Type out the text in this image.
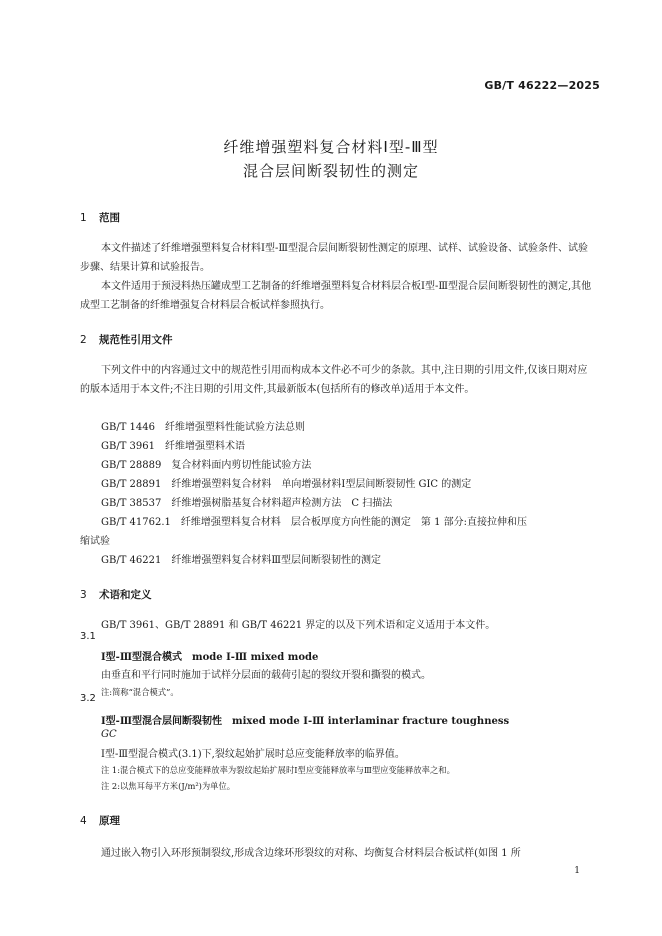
GB/T 46222—2025
纤维增强塑料复合材料Ⅰ型-Ⅲ型
混合层间断裂韧性的测定
1 范围

本文件描述了纤维增强塑料复合材料Ⅰ型-Ⅲ型混合层间断裂韧性测定的原理、试样、试验设备、试验条件、试验步骤、结果计算和试验报告。

本文件适用于预浸料热压罐成型工艺制备的纤维增强塑料复合材料层合板Ⅰ型-Ⅲ型混合层间断裂韧性的测定,其他成型工艺制备的纤维增强复合材料层合板试样参照执行。

2 规范性引用文件

下列文件中的内容通过文中的规范性引用而构成本文件必不可少的条款。其中,注日期的引用文件,仅该日期对应的版本适用于本文件;不注日期的引用文件,其最新版本(包括所有的修改单)适用于本文件。

GB/T 1446　纤维增强塑料性能试验方法总则
GB/T 3961　纤维增强塑料术语
GB/T 28889　复合材料面内剪切性能试验方法
GB/T 28891　纤维增强塑料复合材料　单向增强材料Ⅰ型层间断裂韧性 GⅠC 的测定
GB/T 38537　纤维增强树脂基复合材料超声检测方法　C 扫描法
GB/T 41762.1　纤维增强塑料复合材料　层合板厚度方向性能的测定　第 1 部分:直接拉伸和压
缩试验
GB/T 46221　纤维增强塑料复合材料Ⅲ型层间断裂韧性的测定
3 术语和定义
GB/T 3961、GB/T 28891 和 GB/T 46221 界定的以及下列术语和定义适用于本文件。
3.1
Ⅰ型-Ⅲ型混合模式　mode Ⅰ-Ⅲ mixed mode
由垂直和平行同时施加于试样分层面的载荷引起的裂纹开裂和撕裂的模式。
注:简称“混合模式”。
3.2
Ⅰ型-Ⅲ型混合层间断裂韧性　mixed mode Ⅰ-Ⅲ interlaminar fracture toughness
GC
Ⅰ型-Ⅲ型混合模式(3.1)下,裂纹起始扩展时总应变能释放率的临界值。
注 1:混合模式下的总应变能释放率为裂纹起始扩展时Ⅰ型应变能释放率与Ⅲ型应变能释放率之和。
注 2:以焦耳每平方米(J/m²)为单位。
4 原理
通过嵌入物引入环形预制裂纹,形成含边缘环形裂纹的对称、均衡复合材料层合板试样(如图 1 所
1
